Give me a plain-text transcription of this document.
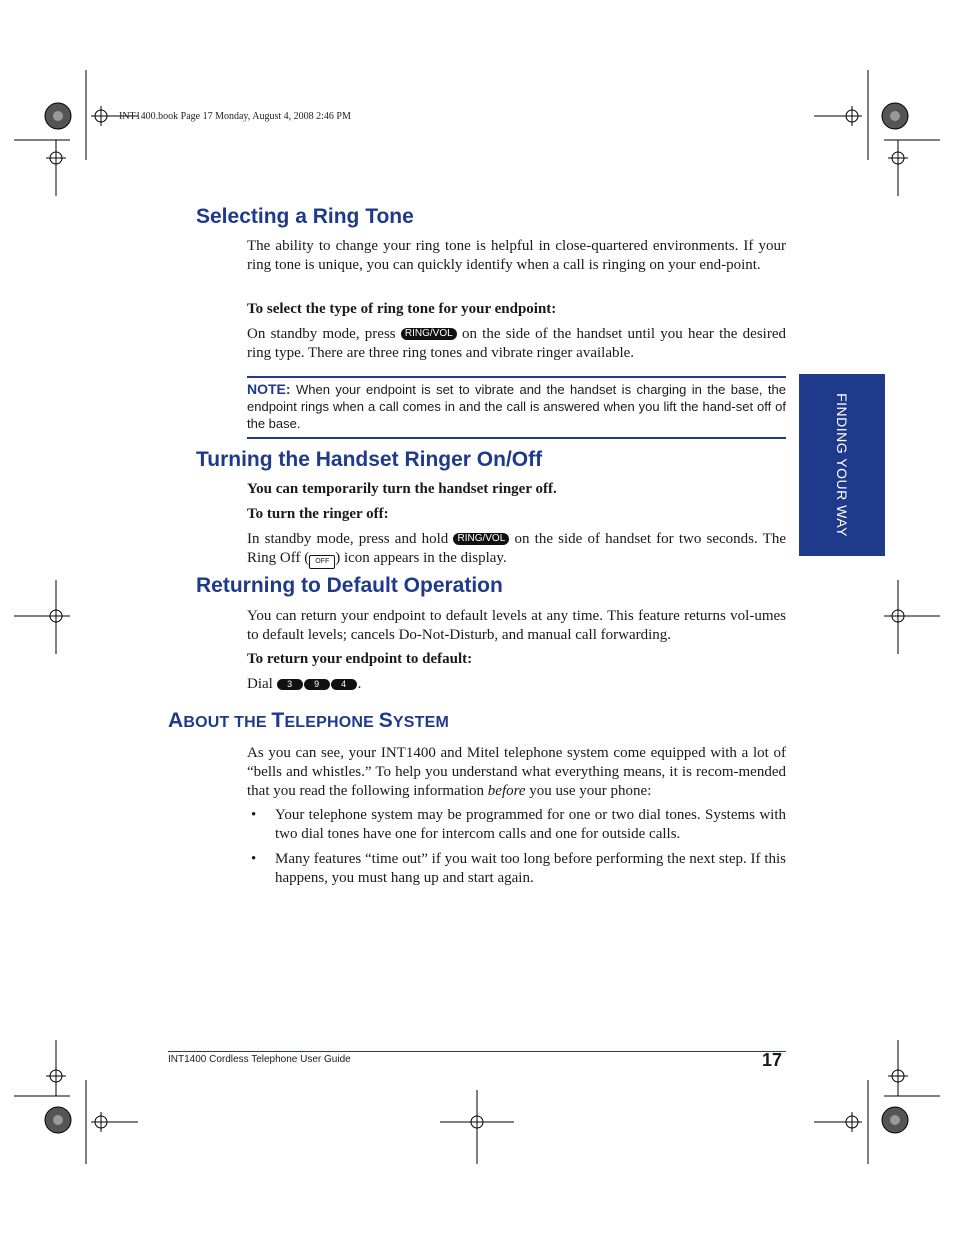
INT1400.book Page 17 Monday, August 4, 2008 2:46 PM
Selecting a Ring Tone
The ability to change your ring tone is helpful in close-quartered environments. If your ring tone is unique, you can quickly identify when a call is ringing on your end-point.
To select the type of ring tone for your endpoint:
On standby mode, press RING/VOL on the side of the handset until you hear the desired ring type. There are three ring tones and vibrate ringer available.
NOTE: When your endpoint is set to vibrate and the handset is charging in the base, the endpoint rings when a call comes in and the call is answered when you lift the hand-set off of the base.
Turning the Handset Ringer On/Off
You can temporarily turn the handset ringer off.
To turn the ringer off:
In standby mode, press and hold RING/VOL on the side of handset for two seconds. The Ring Off ( OFF ) icon appears in the display.
Returning to Default Operation
You can return your endpoint to default levels at any time. This feature returns vol-umes to default levels; cancels Do-Not-Disturb, and manual call forwarding.
To return your endpoint to default:
Dial 3 9 4 .
ABOUT THE TELEPHONE SYSTEM
As you can see, your INT1400 and Mitel telephone system come equipped with a lot of “bells and whistles.” To help you understand what everything means, it is recom-mended that you read the following information before you use your phone:
• Your telephone system may be programmed for one or two dial tones. Systems with two dial tones have one for intercom calls and one for outside calls.
• Many features “time out” if you wait too long before performing the next step. If this happens, you must hang up and start again.
FINDING YOUR WAY
INT1400 Cordless Telephone User Guide	17
